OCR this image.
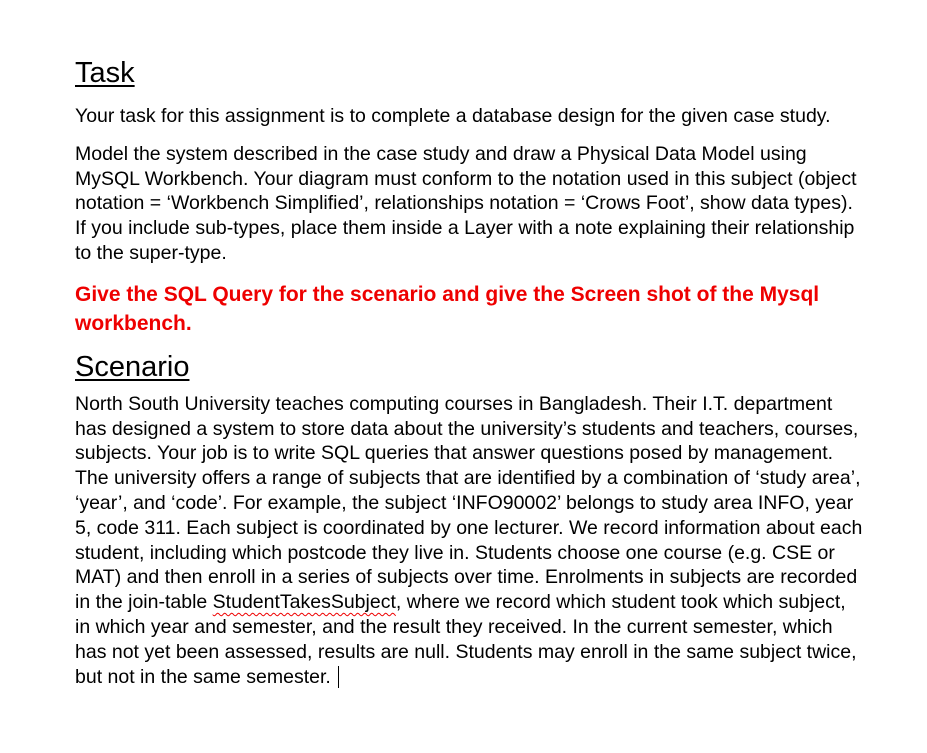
Task

Your task for this assignment is to complete a database design for the given case study.

Model the system described in the case study and draw a Physical Data Model using MySQL Workbench. Your diagram must conform to the notation used in this subject (object notation = ‘Workbench Simplified’, relationships notation = ‘Crows Foot’, show data types). If you include sub-types, place them inside a Layer with a note explaining their relationship to the super-type.

Give the SQL Query for the scenario and give the Screen shot of the Mysql workbench.

Scenario

North South University teaches computing courses in Bangladesh. Their I.T. department has designed a system to store data about the university’s students and teachers, courses, subjects. Your job is to write SQL queries that answer questions posed by management. The university offers a range of subjects that are identified by a combination of ‘study area’, ‘year’, and ‘code’. For example, the subject ‘INFO90002’ belongs to study area INFO, year 5, code 311. Each subject is coordinated by one lecturer. We record information about each student, including which postcode they live in. Students choose one course (e.g. CSE or MAT) and then enroll in a series of subjects over time. Enrolments in subjects are recorded in the join-table StudentTakesSubject, where we record which student took which subject, in which year and semester, and the result they received. In the current semester, which has not yet been assessed, results are null. Students may enroll in the same subject twice, but not in the same semester.
